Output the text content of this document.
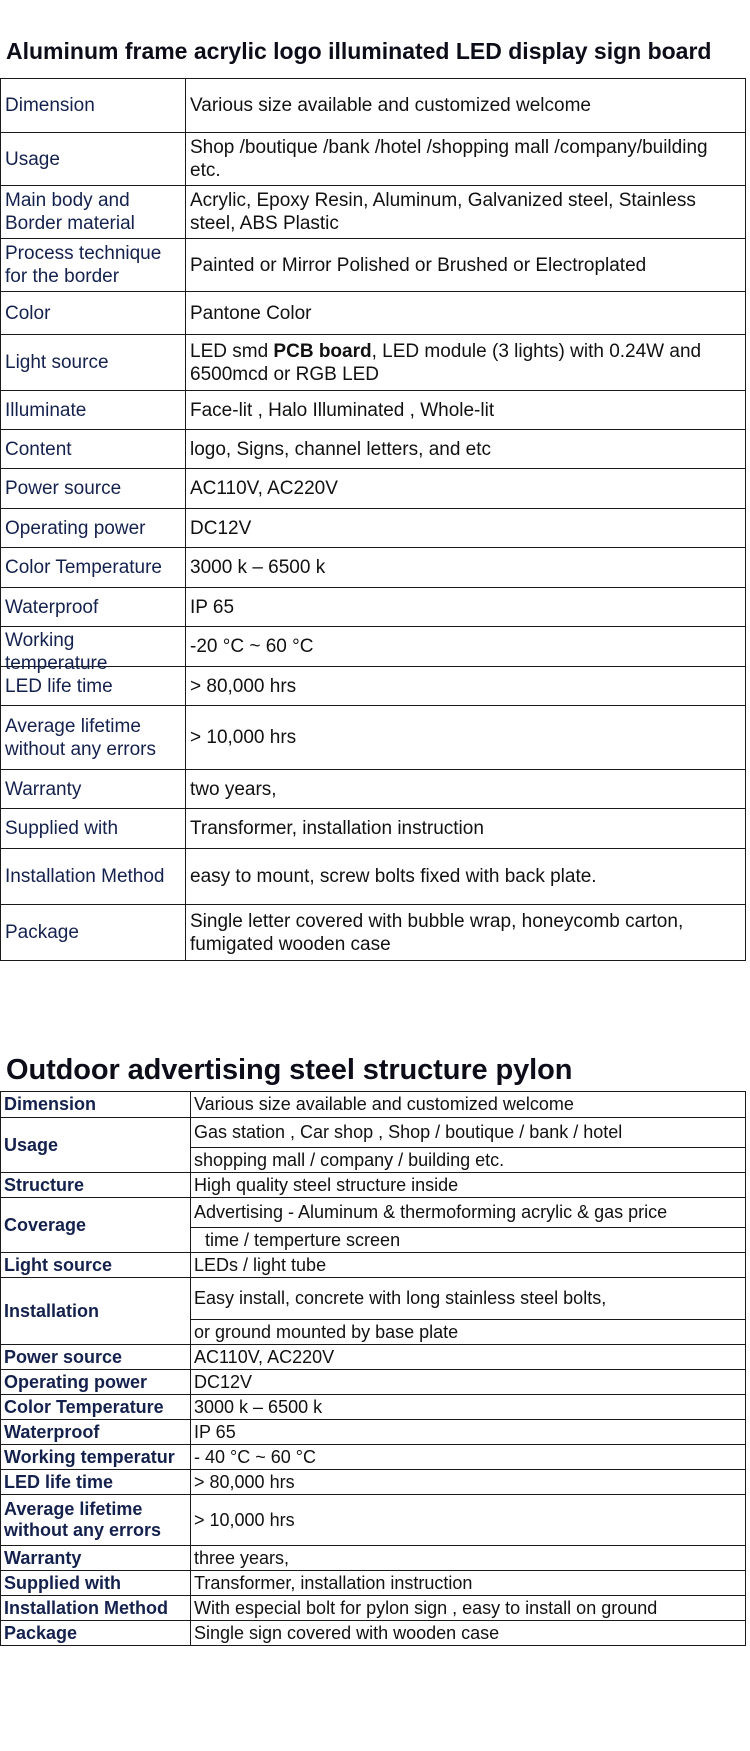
Aluminum frame acrylic logo illuminated LED display sign board
Dimension	Various size available and customized welcome
Usage	Shop /boutique /bank /hotel /shopping mall /company/building etc.
Main body and Border material	Acrylic, Epoxy Resin, Aluminum, Galvanized steel, Stainless steel, ABS Plastic
Process technique for the border	Painted or Mirror Polished or Brushed or Electroplated
Color	Pantone Color
Light source	LED smd PCB board, LED module (3 lights) with 0.24W and 6500mcd or RGB LED
Illuminate	Face-lit , Halo Illuminated , Whole-lit
Content	logo, Signs, channel letters, and etc
Power source	AC110V, AC220V
Operating power	DC12V
Color Temperature	3000 k – 6500 k
Waterproof	IP 65

Working temperature	-20 °C ~ 60 °C
LED life time	> 80,000 hrs
Average lifetime without any errors	> 10,000 hrs
Warranty	two years,
Supplied with	Transformer, installation instruction
Installation Method	easy to mount, screw bolts fixed with back plate.
Package	Single letter covered with bubble wrap, honeycomb carton, fumigated wooden case
Outdoor advertising steel structure pylon
Dimension	Various size available and customized welcome
Usage	Gas station , Car shop , Shop / boutique / bank / hotel
	shopping mall / company / building etc.
Structure	High quality steel structure inside
Coverage	Advertising - Aluminum & thermoforming acrylic & gas price
	time / temperture screen
Light source	LEDs / light tube
Installation	Easy install, concrete with long stainless steel bolts,
	or ground mounted by base plate
Power source	AC110V, AC220V
Operating power	DC12V
Color Temperature	3000 k – 6500 k
Waterproof	IP 65
Working temperatur	- 40 °C ~ 60 °C
LED life time	> 80,000 hrs
Average lifetime without any errors	> 10,000 hrs
Warranty	three years,
Supplied with	Transformer, installation instruction
Installation Method	With especial bolt for pylon sign , easy to install on ground
Package	Single sign covered with wooden case
